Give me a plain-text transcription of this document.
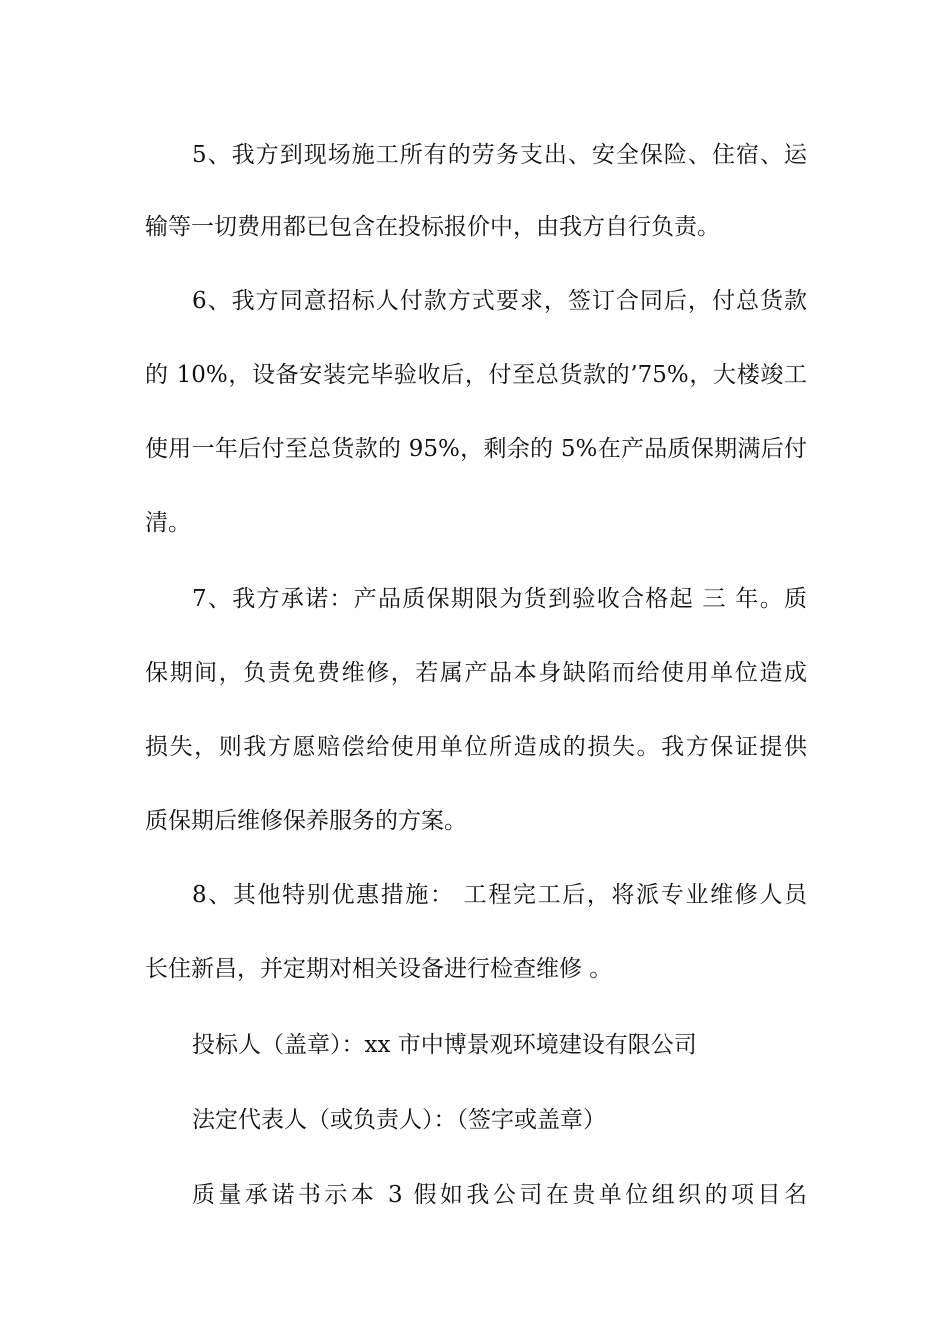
5、我方到现场施工所有的劳务支出、安全保险、住宿、运
输等一切费用都已包含在投标报价中，由我方自行负责。
6、我方同意招标人付款方式要求，签订合同后，付总货款
的 10%，设备安装完毕验收后，付至总货款的’75%，大楼竣工
使用一年后付至总货款的 95%，剩余的 5%在产品质保期满后付
清。
7、我方承诺：产品质保期限为货到验收合格起 三 年。质
保期间，负责免费维修，若属产品本身缺陷而给使用单位造成
损失，则我方愿赔偿给使用单位所造成的损失。我方保证提供
质保期后维修保养服务的方案。
8、其他特别优惠措施： 工程完工后，将派专业维修人员
长住新昌，并定期对相关设备进行检查维修 。
投标人（盖章）：xx 市中博景观环境建设有限公司
法定代表人（或负责人）：（签字或盖章）
质量承诺书示本 3 假如我公司在贵单位组织的项目名
